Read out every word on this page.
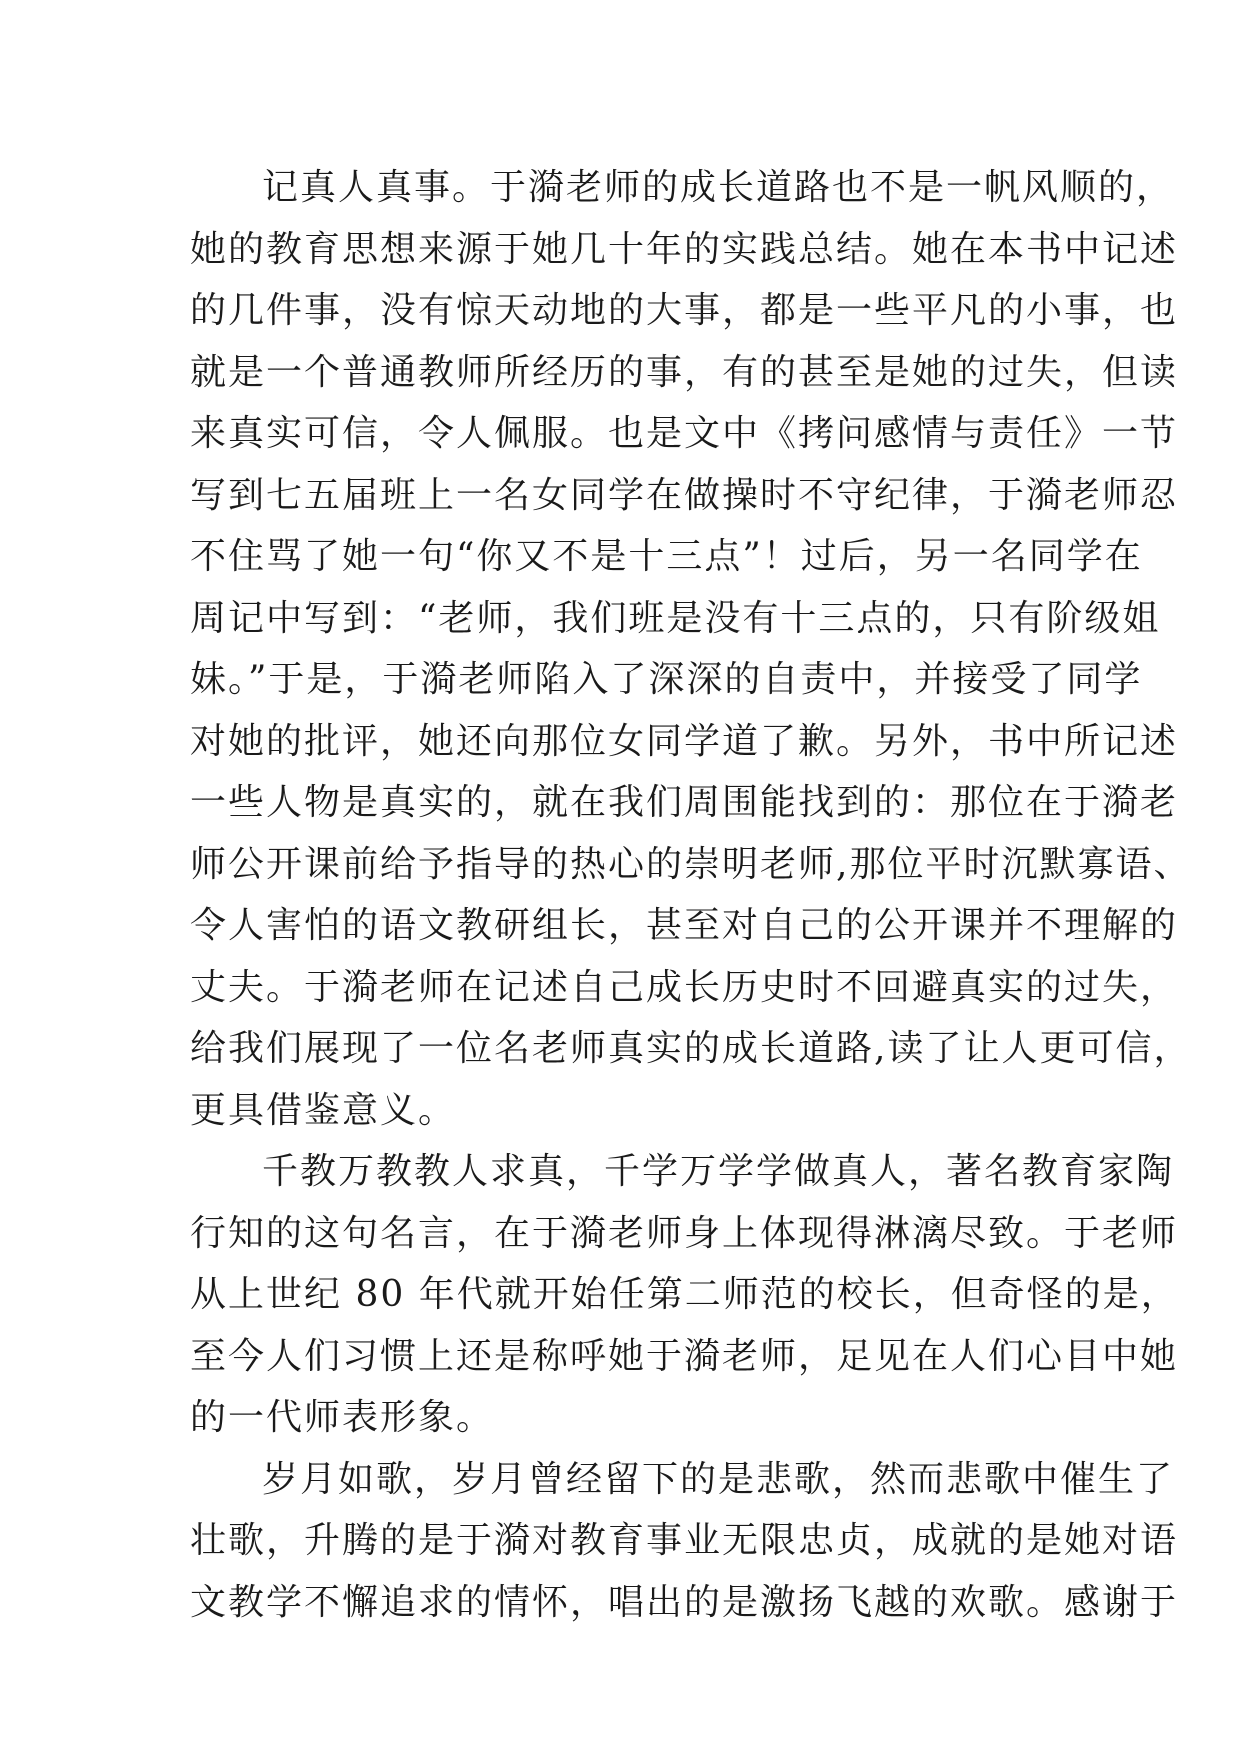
记真人真事。于漪老师的成长道路也不是一帆风顺的，
她的教育思想来源于她几十年的实践总结。她在本书中记述
的几件事，没有惊天动地的大事，都是一些平凡的小事，也
就是一个普通教师所经历的事，有的甚至是她的过失，但读
来真实可信，令人佩服。也是文中《拷问感情与责任》一节
写到七五届班上一名女同学在做操时不守纪律，于漪老师忍
不住骂了她一句“你又不是十三点”！过后，另一名同学在
周记中写到：“老师，我们班是没有十三点的，只有阶级姐
妹。”于是，于漪老师陷入了深深的自责中，并接受了同学
对她的批评，她还向那位女同学道了歉。另外，书中所记述
一些人物是真实的，就在我们周围能找到的：那位在于漪老
师公开课前给予指导的热心的崇明老师,那位平时沉默寡语、
令人害怕的语文教研组长，甚至对自己的公开课并不理解的
丈夫。于漪老师在记述自己成长历史时不回避真实的过失，
给我们展现了一位名老师真实的成长道路,读了让人更可信，
更具借鉴意义。
千教万教教人求真，千学万学学做真人，著名教育家陶
行知的这句名言，在于漪老师身上体现得淋漓尽致。于老师
从上世纪 80 年代就开始任第二师范的校长，但奇怪的是，
至今人们习惯上还是称呼她于漪老师，足见在人们心目中她
的一代师表形象。
岁月如歌，岁月曾经留下的是悲歌，然而悲歌中催生了
壮歌，升腾的是于漪对教育事业无限忠贞，成就的是她对语
文教学不懈追求的情怀，唱出的是激扬飞越的欢歌。感谢于
